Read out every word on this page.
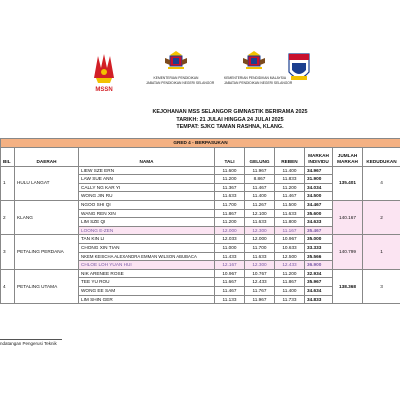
MSSN
KEMENTERIAN PENDIDIKAN
JABATAN PENDIDIKAN NEGERI SELANGOR
KEMENTERIAN PENDIDIKAN MALAYSIA
JABATAN PENDIDIKAN NEGERI SELANGOR
KEJOHANAN MSS SELANGOR GIMNASTIK BERIRAMA 2025
TARIKH: 21 JULAI HINGGA 24 JULAI 2025
TEMPAT: SJKC TAMAN RASHNA, KLANG.
GRED 4 - BERPASUKAN								
BIL	DAERAH	NAMA	TALI	GELUNG	REBEN	MARKAH INDIVIDU	JUMLAH MARKAH	KEDUDUKAN
1	HULU LANGAT	LIEW SZE ERN	11.600	11.967	11.400	34.967	135.401	4
		LAW SUE ANN	11.200	8.867	11.833	31.900		
		CALLY NG KAR YI	11.367	11.467	11.200	34.034		
		WONG JIN RU	11.633	11.400	11.467	34.500		
2	KLANG	NGOO SHI QI	11.700	11.267	11.500	34.467	140.167	2
		WANG REN XIN	11.867	12.100	11.633	35.600		
		LIM SZE QI	11.200	11.633	11.800	34.633		
		LOONG E-ZEN	12.000	12.300	11.167	35.467		
3	PETALING PERDANA	TAN KIN LI	12.033	12.000	10.967	35.000	140.799	1
		CHONG XIN TIAN	11.000	11.700	10.633	33.333		
		NKEM KEISCHA ALEXANDRA EMMAN WILSON ABUBACA	11.433	11.633	12.500	35.566		
		CHLOE LOH YUAN HUI	12.167	12.300	12.433	36.900		
4	PETALING UTAMA	NIK ARENEE ROSE	10.967	10.767	11.200	32.934	138.368	3
		TEE YU ROU	11.667	12.433	11.867	35.967		
		WONG EE SAM	11.467	11.767	11.400	34.634		
		LIM SHIN GER	11.133	11.967	11.733	34.833		
ndatangan Pengerusi Teknik
